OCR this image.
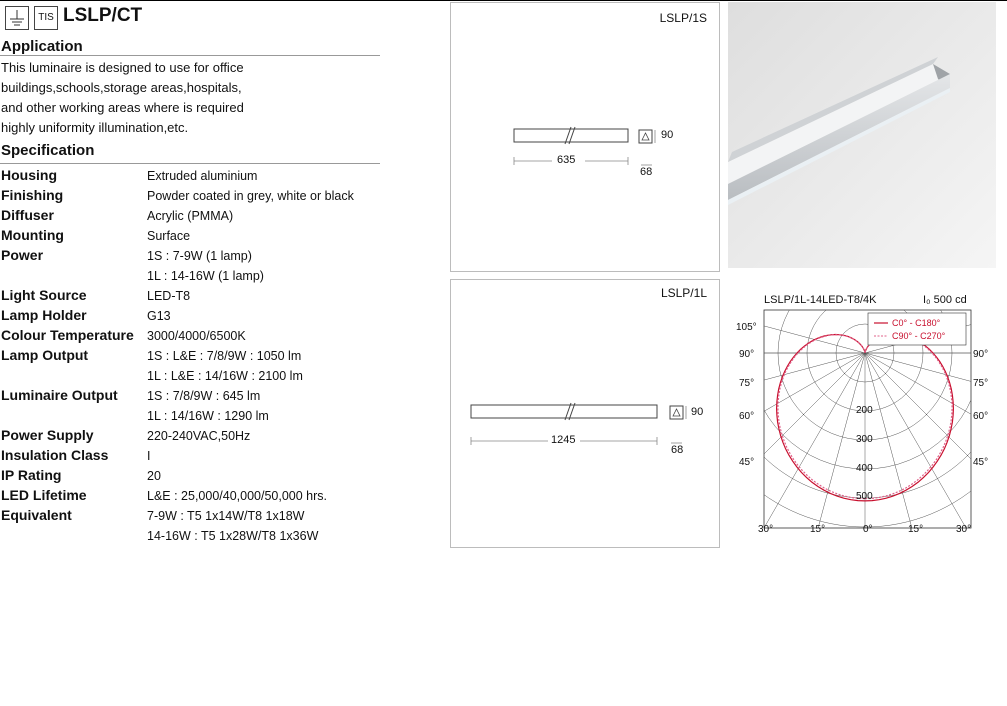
TIS LSLP/CT
Application
This luminaire is designed to use for office
buildings,schools,storage areas,hospitals,
and other working areas where is required
highly uniformity illumination,etc.
Specification
Housing	Extruded aluminium
Finishing	Powder coated in grey, white or black
Diffuser	Acrylic (PMMA)
Mounting	Surface
Power	1S : 7-9W (1 lamp)
1L : 14-16W (1 lamp)
Light Source	LED-T8
Lamp Holder	G13
Colour Temperature 3000/4000/6500K
Lamp Output	1S : L&E : 7/8/9W : 1050 lm
1L : L&E : 14/16W : 2100 lm
Luminaire Output 1S : 7/8/9W : 645 lm
1L : 14/16W : 1290 lm
Power Supply	220-240VAC,50Hz
Insulation Class	I
IP Rating	20
LED Lifetime	L&E : 25,000/40,000/50,000 hrs.
Equivalent	7-9W : T5 1x14W/T8 1x18W
14-16W : T5 1x28W/T8 1x36W
LSLP/1S
635
90
68
LSLP/1L
1245
90
68
LSLP/1L-14LED-T8/4K	I₀ 500 cd
C0° - C180°
C90° - C270°
105°
90°
75°
60°
45°
90°
75°
60°
45°
30°	15°	0°	15°	30°
200
300
400
500
